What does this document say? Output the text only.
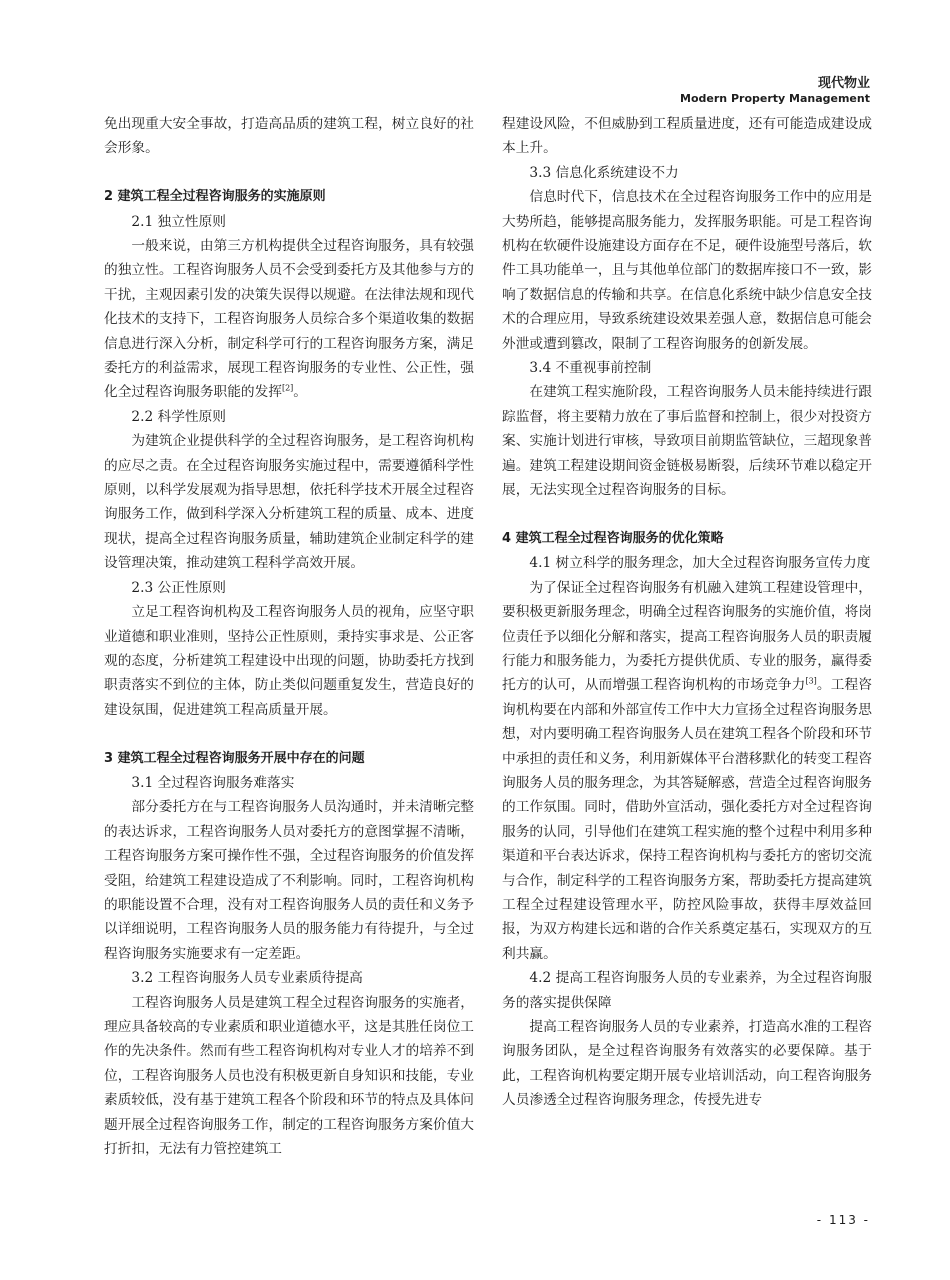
现代物业
Modern Property Management

免出现重大安全事故，打造高品质的建筑工程，树立良好的社会形象。

2 建筑工程全过程咨询服务的实施原则

2.1 独立性原则

一般来说，由第三方机构提供全过程咨询服务，具有较强的独立性。工程咨询服务人员不会受到委托方及其他参与方的干扰，主观因素引发的决策失误得以规避。在法律法规和现代化技术的支持下，工程咨询服务人员综合多个渠道收集的数据信息进行深入分析，制定科学可行的工程咨询服务方案，满足委托方的利益需求，展现工程咨询服务的专业性、公正性，强化全过程咨询服务职能的发挥[2]。

2.2 科学性原则

为建筑企业提供科学的全过程咨询服务，是工程咨询机构的应尽之责。在全过程咨询服务实施过程中，需要遵循科学性原则，以科学发展观为指导思想，依托科学技术开展全过程咨询服务工作，做到科学深入分析建筑工程的质量、成本、进度现状，提高全过程咨询服务质量，辅助建筑企业制定科学的建设管理决策，推动建筑工程科学高效开展。

2.3 公正性原则

立足工程咨询机构及工程咨询服务人员的视角，应坚守职业道德和职业准则，坚持公正性原则，秉持实事求是、公正客观的态度，分析建筑工程建设中出现的问题，协助委托方找到职责落实不到位的主体，防止类似问题重复发生，营造良好的建设氛围，促进建筑工程高质量开展。

3 建筑工程全过程咨询服务开展中存在的问题

3.1 全过程咨询服务难落实

部分委托方在与工程咨询服务人员沟通时，并未清晰完整的表达诉求，工程咨询服务人员对委托方的意图掌握不清晰，工程咨询服务方案可操作性不强，全过程咨询服务的价值发挥受阻，给建筑工程建设造成了不利影响。同时，工程咨询机构的职能设置不合理，没有对工程咨询服务人员的责任和义务予以详细说明，工程咨询服务人员的服务能力有待提升，与全过程咨询服务实施要求有一定差距。

3.2 工程咨询服务人员专业素质待提高

工程咨询服务人员是建筑工程全过程咨询服务的实施者，理应具备较高的专业素质和职业道德水平，这是其胜任岗位工作的先决条件。然而有些工程咨询机构对专业人才的培养不到位，工程咨询服务人员也没有积极更新自身知识和技能，专业素质较低，没有基于建筑工程各个阶段和环节的特点及具体问题开展全过程咨询服务工作，制定的工程咨询服务方案价值大打折扣，无法有力管控建筑工

程建设风险，不但威胁到工程质量进度，还有可能造成建设成本上升。

3.3 信息化系统建设不力

信息时代下，信息技术在全过程咨询服务工作中的应用是大势所趋，能够提高服务能力，发挥服务职能。可是工程咨询机构在软硬件设施建设方面存在不足，硬件设施型号落后，软件工具功能单一，且与其他单位部门的数据库接口不一致，影响了数据信息的传输和共享。在信息化系统中缺少信息安全技术的合理应用，导致系统建设效果差强人意，数据信息可能会外泄或遭到篡改，限制了工程咨询服务的创新发展。

3.4 不重视事前控制

在建筑工程实施阶段，工程咨询服务人员未能持续进行跟踪监督，将主要精力放在了事后监督和控制上，很少对投资方案、实施计划进行审核，导致项目前期监管缺位，三超现象普遍。建筑工程建设期间资金链极易断裂，后续环节难以稳定开展，无法实现全过程咨询服务的目标。

4 建筑工程全过程咨询服务的优化策略

4.1 树立科学的服务理念，加大全过程咨询服务宣传力度

为了保证全过程咨询服务有机融入建筑工程建设管理中，要积极更新服务理念，明确全过程咨询服务的实施价值，将岗位责任予以细化分解和落实，提高工程咨询服务人员的职责履行能力和服务能力，为委托方提供优质、专业的服务，赢得委托方的认可，从而增强工程咨询机构的市场竞争力[3]。工程咨询机构要在内部和外部宣传工作中大力宣扬全过程咨询服务思想，对内要明确工程咨询服务人员在建筑工程各个阶段和环节中承担的责任和义务，利用新媒体平台潜移默化的转变工程咨询服务人员的服务理念，为其答疑解惑，营造全过程咨询服务的工作氛围。同时，借助外宣活动，强化委托方对全过程咨询服务的认同，引导他们在建筑工程实施的整个过程中利用多种渠道和平台表达诉求，保持工程咨询机构与委托方的密切交流与合作，制定科学的工程咨询服务方案，帮助委托方提高建筑工程全过程建设管理水平，防控风险事故，获得丰厚效益回报，为双方构建长远和谐的合作关系奠定基石，实现双方的互利共赢。

4.2 提高工程咨询服务人员的专业素养，为全过程咨询服务的落实提供保障

提高工程咨询服务人员的专业素养，打造高水准的工程咨询服务团队，是全过程咨询服务有效落实的必要保障。基于此，工程咨询机构要定期开展专业培训活动，向工程咨询服务人员渗透全过程咨询服务理念，传授先进专

- 113 -
